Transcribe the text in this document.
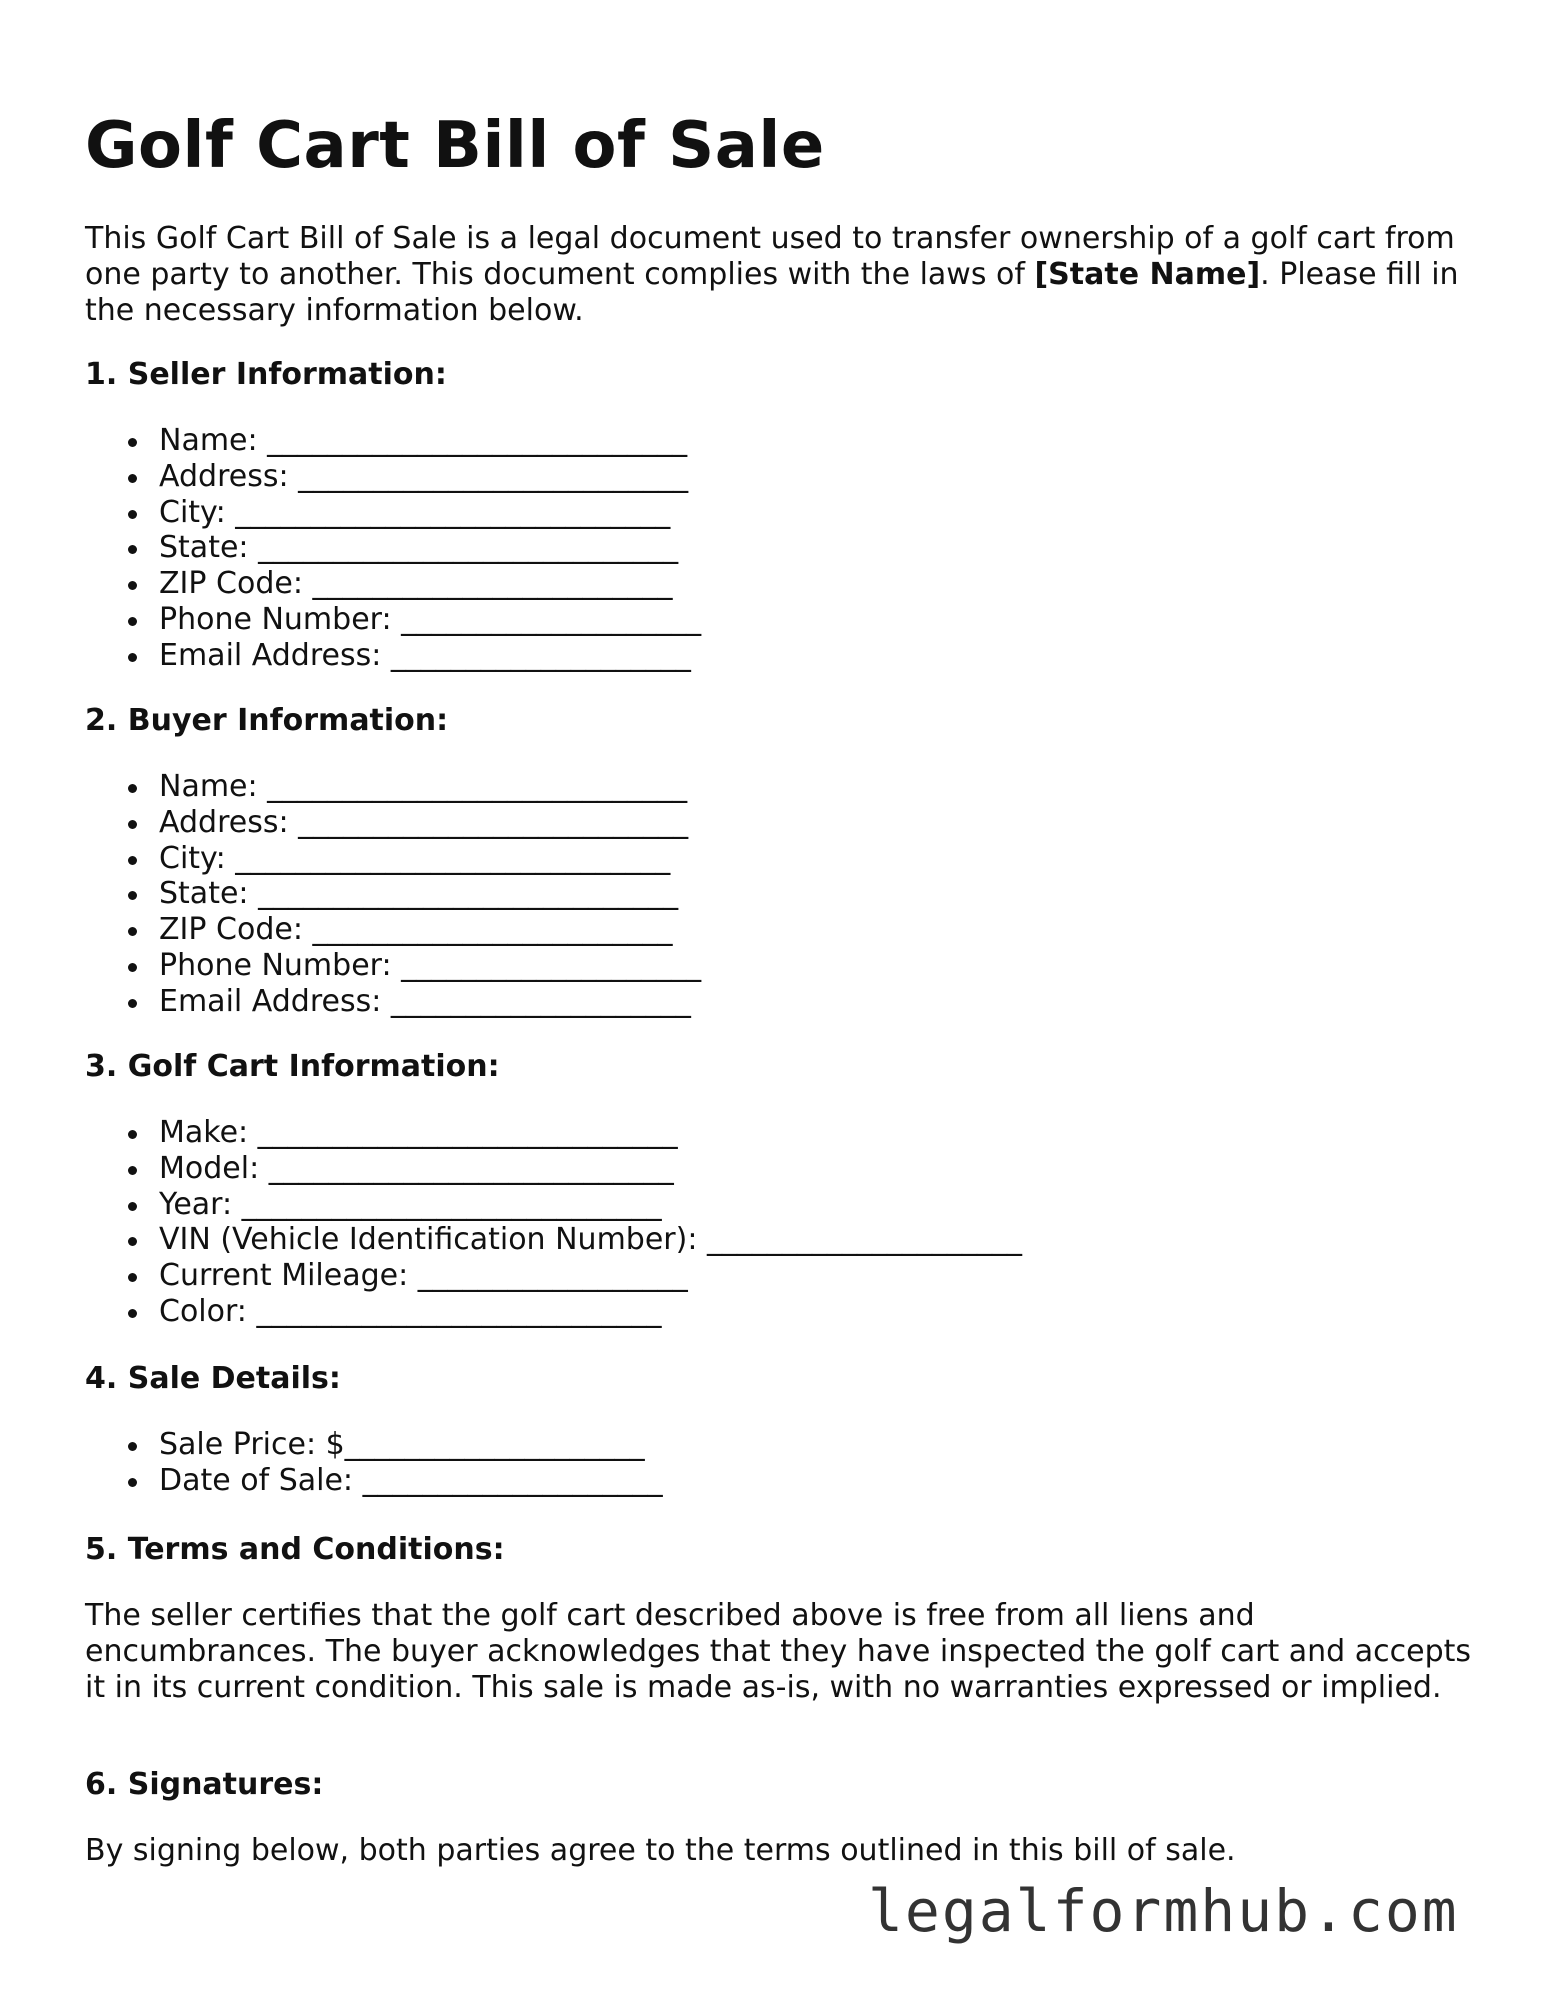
Golf Cart Bill of Sale

This Golf Cart Bill of Sale is a legal document used to transfer ownership of a golf cart from one party to another. This document complies with the laws of [State Name]. Please fill in the necessary information below.

1. Seller Information:
Name: ____________________________
Address: __________________________
City: _____________________________
State: ____________________________
ZIP Code: ________________________
Phone Number: ____________________
Email Address: ____________________
2. Buyer Information:
Name: ____________________________
Address: __________________________
City: _____________________________
State: ____________________________
ZIP Code: ________________________
Phone Number: ____________________
Email Address: ____________________
3. Golf Cart Information:
Make: ____________________________
Model: ___________________________
Year: ____________________________
VIN (Vehicle Identification Number): _____________________
Current Mileage: __________________
Color: ___________________________
4. Sale Details:
Sale Price: $____________________
Date of Sale: ____________________
5. Terms and Conditions:

The seller certifies that the golf cart described above is free from all liens and encumbrances. The buyer acknowledges that they have inspected the golf cart and accepts it in its current condition. This sale is made as-is, with no warranties expressed or implied.

6. Signatures:

By signing below, both parties agree to the terms outlined in this bill of sale.

legalformhub.com
